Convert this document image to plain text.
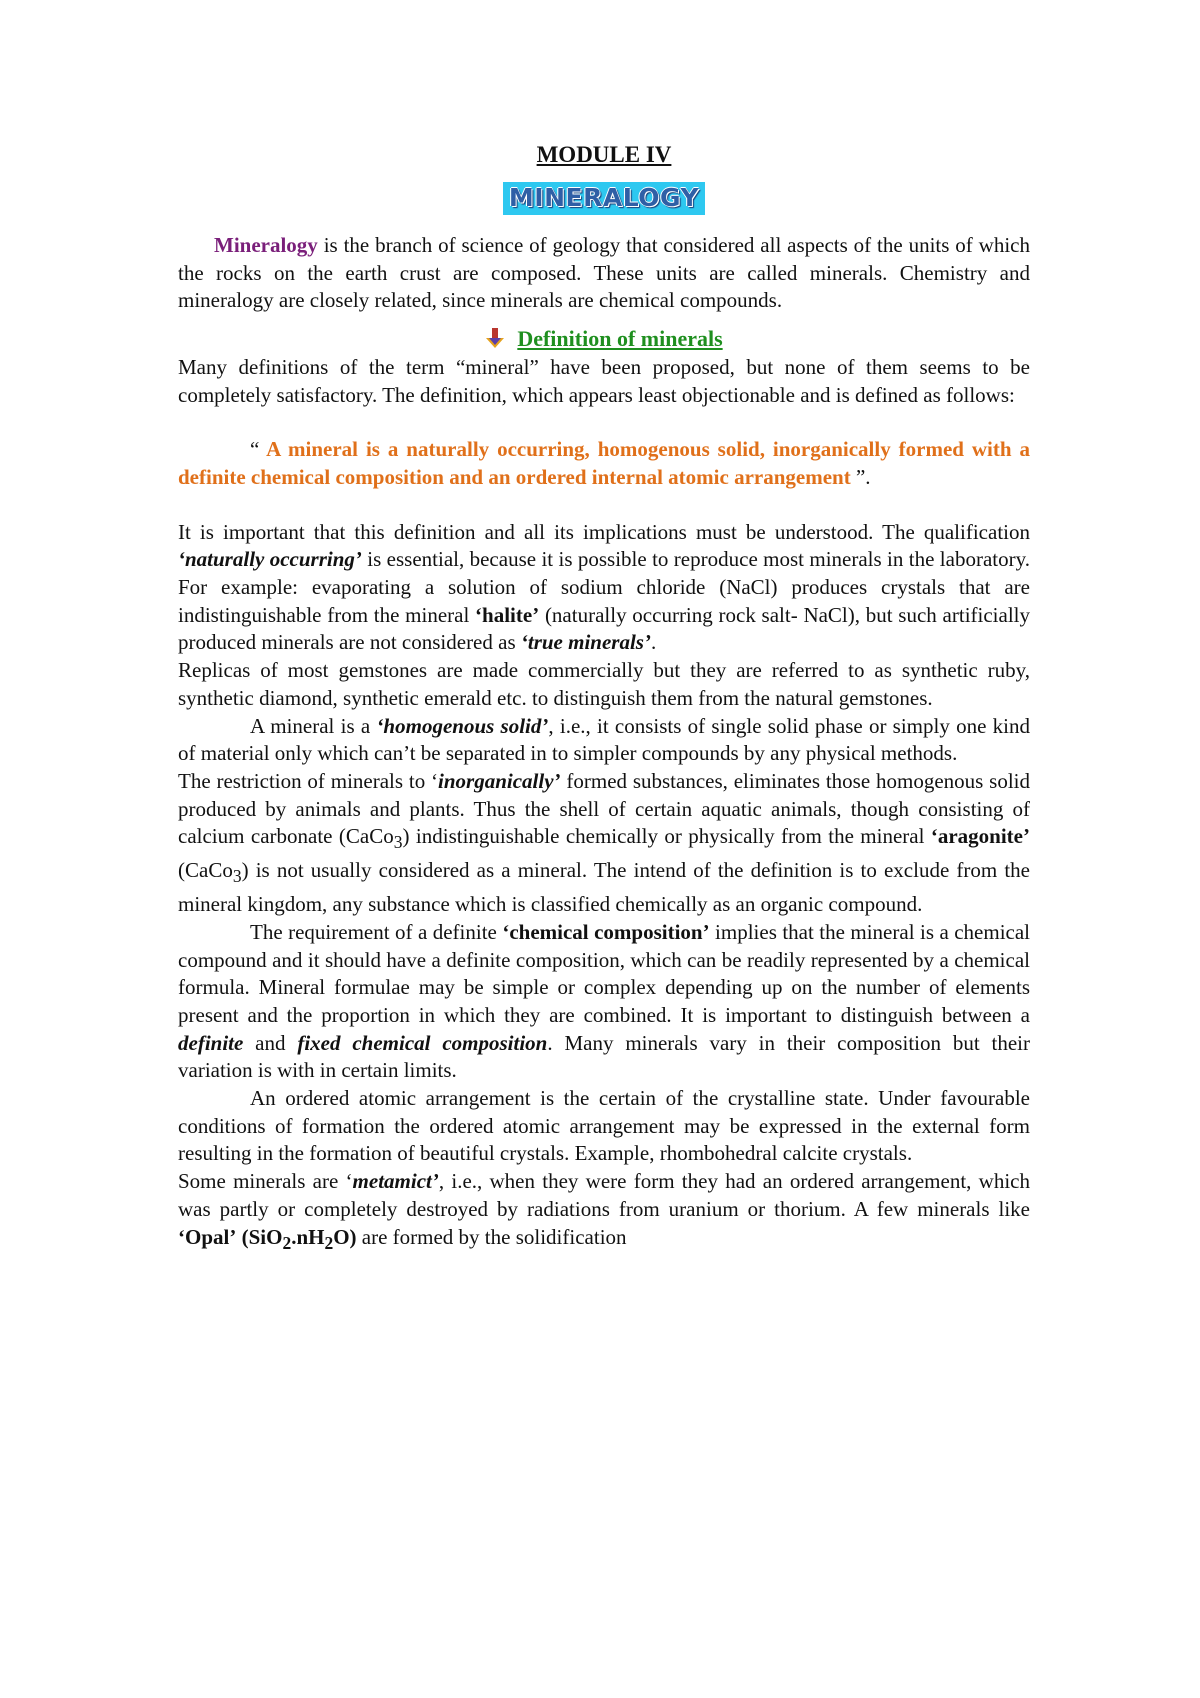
MODULE IV
MINERALOGY

Mineralogy is the branch of science of geology that considered all aspects of the units of which the rocks on the earth crust are composed. These units are called minerals. Chemistry and mineralogy are closely related, since minerals are chemical compounds.

Definition of minerals

Many definitions of the term “mineral” have been proposed, but none of them seems to be completely satisfactory. The definition, which appears least objectionable and is defined as follows:

“ A mineral is a naturally occurring, homogenous solid, inorganically formed with a definite chemical composition and an ordered internal atomic arrangement ”.

It is important that this definition and all its implications must be understood. The qualification ‘naturally occurring’ is essential, because it is possible to reproduce most minerals in the laboratory. For example: evaporating a solution of sodium chloride (NaCl) produces crystals that are indistinguishable from the mineral ‘halite’ (naturally occurring rock salt- NaCl), but such artificially produced minerals are not considered as ‘true minerals’.

Replicas of most gemstones are made commercially but they are referred to as synthetic ruby, synthetic diamond, synthetic emerald etc. to distinguish them from the natural gemstones.

A mineral is a ‘homogenous solid’, i.e., it consists of single solid phase or simply one kind of material only which can’t be separated in to simpler compounds by any physical methods.

The restriction of minerals to ‘inorganically’ formed substances, eliminates those homogenous solid produced by animals and plants. Thus the shell of certain aquatic animals, though consisting of calcium carbonate (CaCo$_3$) indistinguishable chemically or physically from the mineral ‘aragonite’ (CaCo$_3$) is not usually considered as a mineral. The intend of the definition is to exclude from the mineral kingdom, any substance which is classified chemically as an organic compound.

The requirement of a definite ‘chemical composition’ implies that the mineral is a chemical compound and it should have a definite composition, which can be readily represented by a chemical formula. Mineral formulae may be simple or complex depending up on the number of elements present and the proportion in which they are combined. It is important to distinguish between a definite and fixed chemical composition. Many minerals vary in their composition but their variation is with in certain limits.

An ordered atomic arrangement is the certain of the crystalline state. Under favourable conditions of formation the ordered atomic arrangement may be expressed in the external form resulting in the formation of beautiful crystals. Example, rhombohedral calcite crystals.

Some minerals are ‘metamict’, i.e., when they were form they had an ordered arrangement, which was partly or completely destroyed by radiations from uranium or thorium. A few minerals like ‘Opal’ $(SiO_2.nH_2O)$ are formed by the solidification
